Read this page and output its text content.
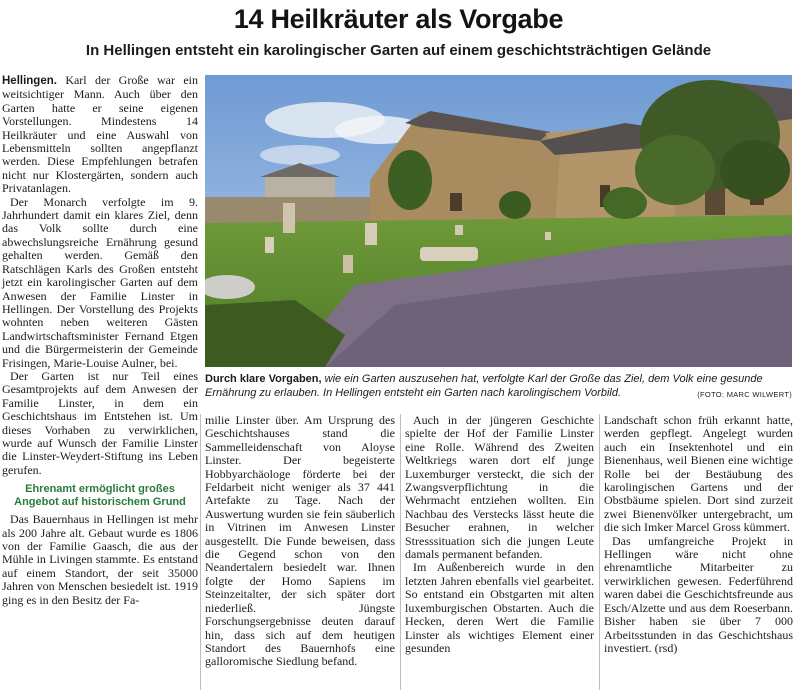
14 Heilkräuter als Vorgabe
In Hellingen entsteht ein karolingischer Garten auf einem geschichtsträchtigen Gelände

Hellingen. Karl der Große war ein weitsichtiger Mann. Auch über den Garten hatte er seine eigenen Vorstellungen. Mindestens 14 Heilkräuter und eine Auswahl von Lebensmitteln sollten angepflanzt werden. Diese Empfehlungen betrafen nicht nur Klostergärten, sondern auch Privatanlagen.

Der Monarch verfolgte im 9. Jahrhundert damit ein klares Ziel, denn das Volk sollte durch eine abwechslungsreiche Ernährung gesund gehalten werden. Gemäß den Ratschlägen Karls des Großen entsteht jetzt ein karolingischer Garten auf dem Anwesen der Familie Linster in Hellingen. Der Vorstellung des Projekts wohnten neben weiteren Gästen Landwirtschaftsminister Fernand Etgen und die Bürgermeisterin der Gemeinde Frisingen, Marie-Louise Aulner, bei.

Der Garten ist nur Teil eines Gesamtprojekts auf dem Anwesen der Familie Linster, in dem ein Geschichtshaus im Entstehen ist. Um dieses Vorhaben zu verwirklichen, wurde auf Wunsch der Familie Linster die Linster-Weydert-Stiftung ins Leben gerufen.

Ehrenamt ermöglicht großes Angebot auf historischem Grund

Das Bauernhaus in Hellingen ist mehr als 200 Jahre alt. Gebaut wurde es 1806 von der Familie Gaasch, die aus der Mühle in Livingen stammte. Es entstand auf einem Standort, der seit 35000 Jahren von Menschen besiedelt ist. 1919 ging es in den Besitz der Fa-

Durch klare Vorgaben, wie ein Garten auszusehen hat, verfolgte Karl der Große das Ziel, dem Volk eine gesunde Ernährung zu erlauben. In Hellingen entsteht ein Garten nach karolingischem Vorbild.	(FOTO: MARC WILWERT)

milie Linster über. Am Ursprung des Geschichtshauses stand die Sammelleidenschaft von Aloyse Linster. Der begeisterte Hobbyarchäologe förderte bei der Feldarbeit nicht weniger als 37 441 Artefakte zu Tage. Nach der Auswertung wurden sie fein säuberlich in Vitrinen im Anwesen Linster ausgestellt. Die Funde beweisen, dass die Gegend schon von den Neandertalern besiedelt war. Ihnen folgte der Homo Sapiens im Steinzeitalter, der sich später dort niederließ. Jüngste Forschungsergebnisse deuten darauf hin, dass sich auf dem heutigen Standort des Bauernhofs eine galloromische Siedlung befand.

Auch in der jüngeren Geschichte spielte der Hof der Familie Linster eine Rolle. Während des Zweiten Weltkriegs waren dort elf junge Luxemburger versteckt, die sich der Zwangsverpflichtung in die Wehrmacht entziehen wollten. Ein Nachbau des Verstecks lässt heute die Besucher erahnen, in welcher Stresssituation sich die jungen Leute damals permanent befanden.

Im Außenbereich wurde in den letzten Jahren ebenfalls viel gearbeitet. So entstand ein Obstgarten mit alten luxemburgischen Obstarten. Auch die Hecken, deren Wert die Familie Linster als wichtiges Element einer gesunden

Landschaft schon früh erkannt hatte, werden gepflegt. Angelegt wurden auch ein Insektenhotel und ein Bienenhaus, weil Bienen eine wichtige Rolle bei der Bestäubung des karolingischen Gartens und der Obstbäume spielen. Dort sind zurzeit zwei Bienenvölker untergebracht, um die sich Imker Marcel Gross kümmert.

Das umfangreiche Projekt in Hellingen wäre nicht ohne ehrenamtliche Mitarbeiter zu verwirklichen gewesen. Federführend waren dabei die Geschichtsfreunde aus Esch/Alzette und aus dem Roeserbann. Bisher haben sie über 7 000 Arbeitsstunden in das Geschichtshaus investiert. (rsd)
